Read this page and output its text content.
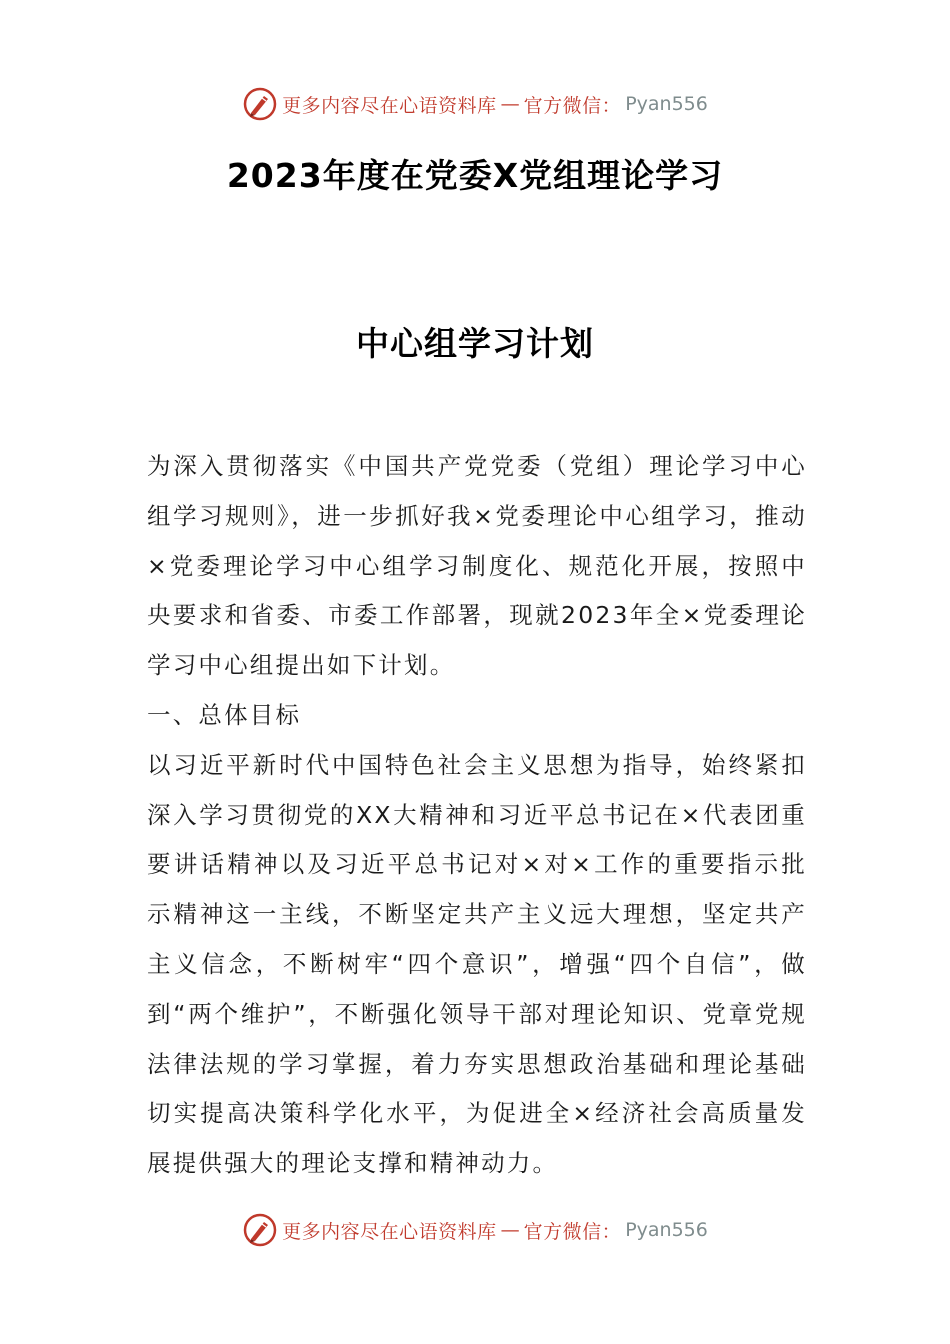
更多内容尽在心语资料库 — 官方微信： Pyan556
2023年度在党委X党组理论学习
中心组学习计划

为深入贯彻落实《中国共产党党委（党组）理论学习中心组学习规则》，进一步抓好我×党委理论中心组学习，推动×党委理论学习中心组学习制度化、规范化开展，按照中央要求和省委、市委工作部署，现就2023年全×党委理论学习中心组提出如下计划。

一、总体目标

以习近平新时代中国特色社会主义思想为指导，始终紧扣深入学习贯彻党的XX大精神和习近平总书记在×代表团重要讲话精神以及习近平总书记对×对×工作的重要指示批示精神这一主线，不断坚定共产主义远大理想，坚定共产主义信念，不断树牢“四个意识”，增强“四个自信”，做到“两个维护”，不断强化领导干部对理论知识、党章党规法律法规的学习掌握，着力夯实思想政治基础和理论基础切实提高决策科学化水平，为促进全×经济社会高质量发展提供强大的理论支撑和精神动力。

更多内容尽在心语资料库 — 官方微信： Pyan556
